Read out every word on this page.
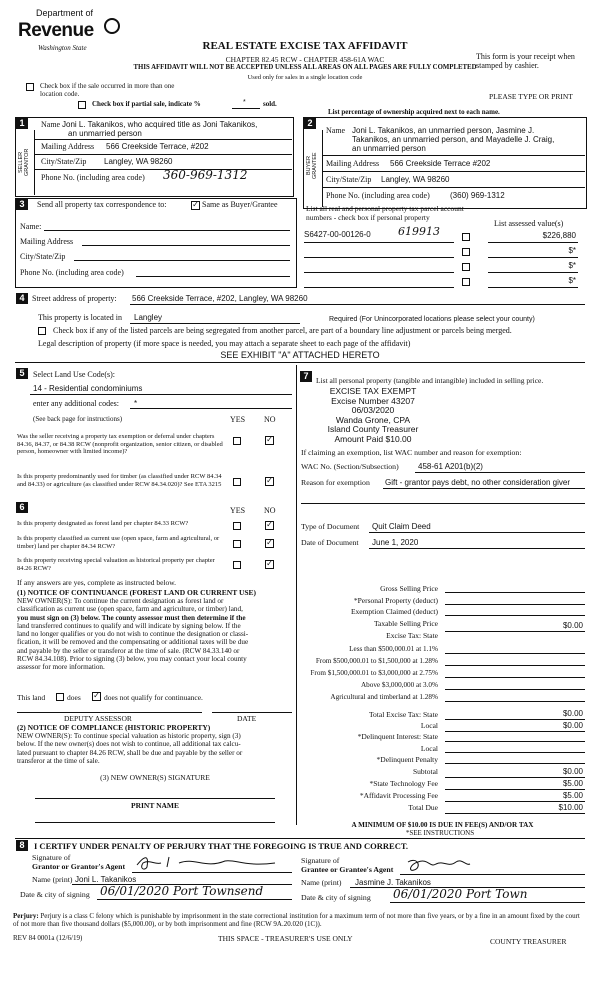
Department of
Revenue
Washington State	REAL ESTATE EXCISE TAX AFFIDAVIT
CHAPTER 82.45 RCW - CHAPTER 458-61A WAC
THIS AFFIDAVIT WILL NOT BE ACCEPTED UNLESS ALL AREAS ON ALL PAGES ARE FULLY COMPLETED
Used only for sales in a single location code
This form is your receipt when stamped by cashier.
PLEASE TYPE OR PRINT
Check box if the sale occurred in more than one location code.
Check box if partial sale, indicate %	* sold.
List percentage of ownership acquired next to each name.
1
SELLER GRANTOR
Name Joni L. Takanikos, who acquired title as Joni Takanikos,
an unmarried person
Mailing Address 566 Creekside Terrace, #202
City/State/Zip Langley, WA 98260
Phone No. (including area code) 360-969-1312
2
BUYER GRANTEE
Name Joni L. Takanikos, an unmarried person, Jasmine J.
Takanikos, an unmarried person, and Mayadelle J. Craig,
an unmarried person
Mailing Address 566 Creekside Terrace #202
City/State/Zip Langley, WA 98260
Phone No. (including area code)	(360) 969-1312
3	Send all property tax correspondence to:	✓ Same as Buyer/Grantee
Name:
Mailing Address
City/State/Zip
Phone No. (including area code)
List all real and personal property tax parcel account numbers - check box if personal property
List assessed value(s)
S6427-00-00126-0 619913	$226,880
$*
$*
$*
4 Street address of property: 566 Creekside Terrace, #202, Langley, WA 98260
This property is located in Langley	Required (For Unincorporated locations please select your county)
Check box if any of the listed parcels are being segregated from another parcel, are part of a boundary line adjustment or parcels being merged.
Legal description of property (if more space is needed, you may attach a separate sheet to each page of the affidavit)
SEE EXHIBIT "A" ATTACHED HERETO
5	Select Land Use Code(s):
14 - Residential condominiums
enter any additional codes: *
(See back page for instructions)	YES NO
Was the seller receiving a property tax exemption or deferral under chapters 84.36, 84.37, or 84.38 RCW (nonprofit organization, senior citizen, or disabled person, homeowner with limited income)?
✓
Is this property predominantly used for timber (as classified under RCW 84.34 and 84.33) or agriculture (as classified under RCW 84.34.020)? See ETA 3215	✓
6	YES NO
Is this property designated as forest land per chapter 84.33 RCW?	✓
Is this property classified as current use (open space, farm and agricultural, or timber) land per chapter 84.34 RCW?	✓
Is this property receiving special valuation as historical property per chapter 84.26 RCW?	✓
If any answers are yes, complete as instructed below.
(1) NOTICE OF CONTINUANCE (FOREST LAND OR CURRENT USE)
NEW OWNER(S): To continue the current designation as forest land or
classification as current use (open space, farm and agriculture, or timber) land,
you must sign on (3) below. The county assessor must then determine if the
land transferred continues to qualify and will indicate by signing below. If the
land no longer qualifies or you do not wish to continue the designation or classi-
fication, it will be removed and the compensating or additional taxes will be due
and payable by the seller or transferor at the time of sale. (RCW 84.33.140 or
RCW 84.34.108). Prior to signing (3) below, you may contact your local county
assessor for more information.
This land	does ✓ does not qualify for continuance.
DEPUTY ASSESSOR	DATE
(2) NOTICE OF COMPLIANCE (HISTORIC PROPERTY)
NEW OWNER(S): To continue special valuation as historic property, sign (3)
below. If the new owner(s) does not wish to continue, all additional tax calcu-
lated pursuant to chapter 84.26 RCW, shall be due and payable by the seller or
transferor at the time of sale.
(3) NEW OWNER(S) SIGNATURE
PRINT NAME
7	List all personal property (tangible and intangible) included in selling price.
EXCISE TAX EXEMPT
Excise Number 43207
06/03/2020
Wanda Grone, CPA
Island County Treasurer
Amount Paid $10.00
If claiming an exemption, list WAC number and reason for exemption:
WAC No. (Section/Subsection) 458-61 A201(b)(2)
Reason for exemption Gift - grantor pays debt, no other consideration giver
Type of Document Quit Claim Deed
Date of Document June 1, 2020
Gross Selling Price
*Personal Property (deduct)
Exemption Claimed (deduct)
Taxable Selling Price	$0.00
Excise Tax: State
Less than $500,000.01 at 1.1%
From $500,000.01 to $1,500,000 at 1.28%
From $1,500,000.01 to $3,000,000 at 2.75%
Above $3,000,000 at 3.0%
Agricultural and timberland at 1.28%
Total Excise Tax: State	$0.00
Local	$0.00
*Delinquent Interest: State
Local
*Delinquent Penalty
Subtotal	$0.00
*State Technology Fee	$5.00
*Affidavit Processing Fee	$5.00
Total Due	$10.00
A MINIMUM OF $10.00 IS DUE IN FEE(S) AND/OR TAX
*SEE INSTRUCTIONS
8	I CERTIFY UNDER PENALTY OF PERJURY THAT THE FOREGOING IS TRUE AND CORRECT.
Signature of
Grantor or Grantor's Agent
Name (print) Joni L. Takanikos
Date & city of signing 06/01/2020 Port Townsend
Signature of
Grantee or Grantee's Agent
Name (print) Jasmine J. Takanikos
Date & city of signing 06/01/2020 Port Town
Perjury: Perjury is a class C felony which is punishable by imprisonment in the state correctional institution for a maximum term of not more than five years, or by a fine in an amount fixed by the court of not more than five thousand dollars ($5,000.00), or by both imprisonment and fine (RCW 9A.20.020 (1C)).
REV 84 0001a (12/6/19)	THIS SPACE - TREASURER'S USE ONLY	COUNTY TREASURER
